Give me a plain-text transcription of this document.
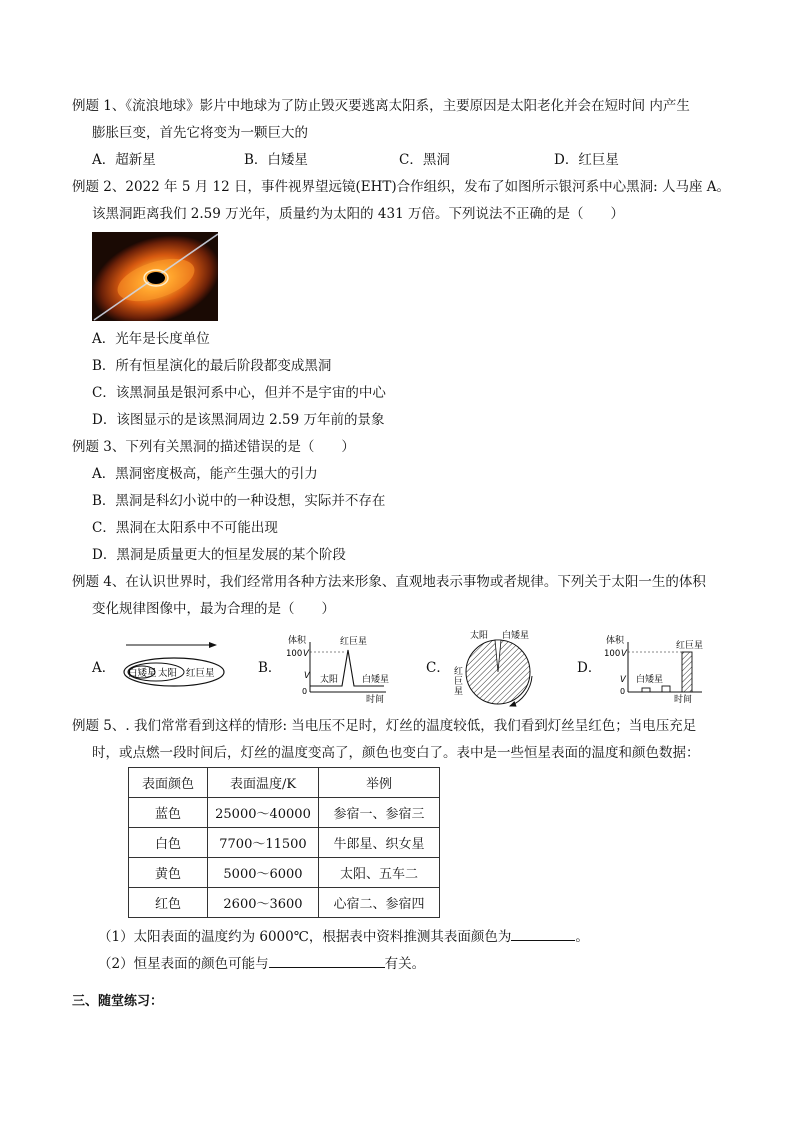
例题 1、《流浪地球》影片中地球为了防止毁灭要逃离太阳系，主要原因是太阳老化并会在短时间 内产生
膨胀巨变，首先它将变为一颗巨大的
A．超新星	B．白矮星	C．黑洞	D．红巨星
例题 2、2022 年 5 月 12 日，事件视界望远镜(EHT)合作组织，发布了如图所示银河系中心黑洞: 人马座 A。
该黑洞距离我们 2.59 万光年，质量约为太阳的 431 万倍。下列说法不正确的是（　　）
A．光年是长度单位
B．所有恒星演化的最后阶段都变成黑洞
C．该黑洞虽是银河系中心，但并不是宇宙的中心
D．该图显示的是该黑洞周边 2.59 万年前的景象
例题 3、下列有关黑洞的描述错误的是（　　）
A．黑洞密度极高，能产生强大的引力
B．黑洞是科幻小说中的一种设想，实际并不存在
C．黑洞在太阳系中不可能出现
D．黑洞是质量更大的恒星发展的某个阶段
例题 4、在认识世界时，我们经常用各种方法来形象、直观地表示事物或者规律。下列关于太阳一生的体积
变化规律图像中，最为合理的是（　　）
A．	B．	C．	D．
白矮星 太阳 红巨星
体积
100 V
V
0
红巨星
太阳	白矮星
时间
太阳 白矮星
红
巨
星
体积
100 V
V
0
红巨星
白矮星
时间
例题 5、. 我们常常看到这样的情形: 当电压不足时，灯丝的温度较低，我们看到灯丝呈红色；当电压充足
时，或点燃一段时间后，灯丝的温度变高了，颜色也变白了。表中是一些恒星表面的温度和颜色数据：
表面颜色	表面温度/K	举例
蓝色	25000～40000	参宿一、参宿三
白色	7700～11500	牛郎星、织女星
黄色	5000～6000	太阳、五车二
红色	2600～3600	心宿二、参宿四
（1）太阳表面的温度约为 6000℃，根据表中资料推测其表面颜色为	。
（2）恒星表面的颜色可能与	有关。
三、随堂练习：
